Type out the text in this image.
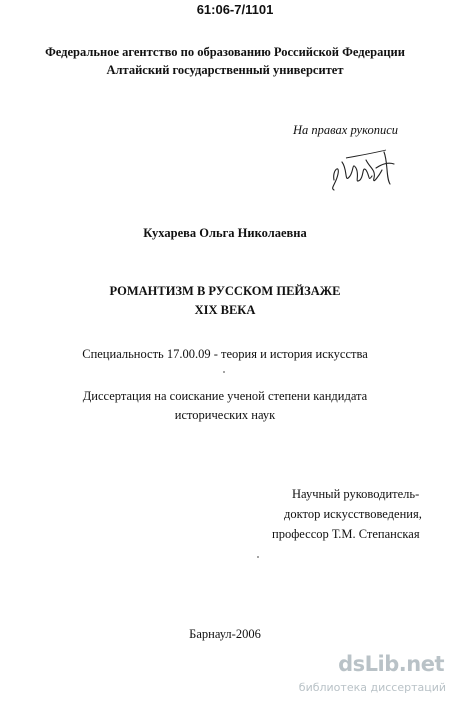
61:06-7/1101
Федеральное агентство по образованию Российской Федерации
Алтайский государственный университет
На правах рукописи
Кухарева Ольга Николаевна
РОМАНТИЗМ В РУССКОМ ПЕЙЗАЖЕ
XIX ВЕКА
Специальность 17.00.09 - теория и история искусства
Диссертация на соискание ученой степени кандидата
исторических наук
Научный руководитель-
доктор искусствоведения,
профессор Т.М. Степанская
Барнаул-2006
dsLib.net
библиотека диссертаций
